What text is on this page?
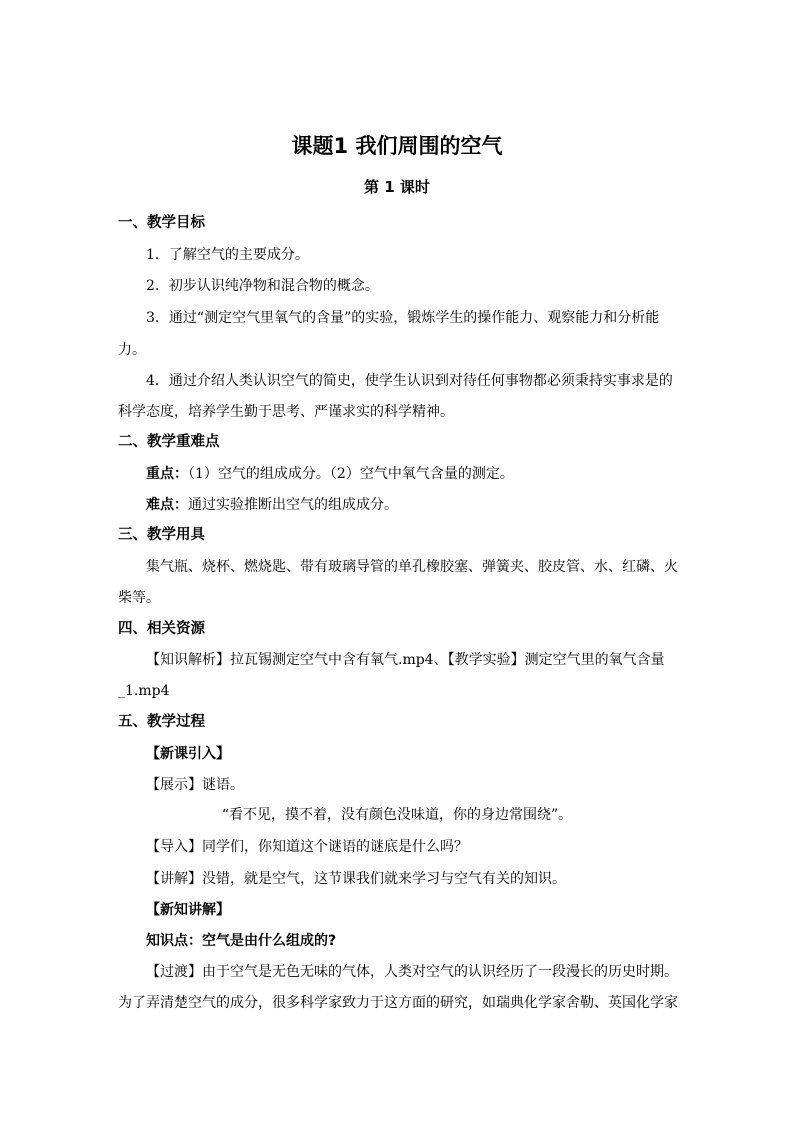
课题1 我们周围的空气
第 1 课时
一、教学目标
1．了解空气的主要成分。
2．初步认识纯净物和混合物的概念。
3．通过“测定空气里氧气的含量”的实验，锻炼学生的操作能力、观察能力和分析能
力。
4．通过介绍人类认识空气的简史，使学生认识到对待任何事物都必须秉持实事求是的
科学态度，培养学生勤于思考、严谨求实的科学精神。
二、教学重难点
重点：（1）空气的组成成分。（2）空气中氧气含量的测定。
难点：通过实验推断出空气的组成成分。
三、教学用具
集气瓶、烧杯、燃烧匙、带有玻璃导管的单孔橡胶塞、弹簧夹、胶皮管、水、红磷、火
柴等。
四、相关资源
【知识解析】拉瓦锡测定空气中含有氧气.mp4、【教学实验】测定空气里的氧气含量
_1.mp4
五、教学过程
【新课引入】
【展示】谜语。
“看不见，摸不着，没有颜色没味道，你的身边常围绕”。
【导入】同学们，你知道这个谜语的谜底是什么吗？
【讲解】没错，就是空气，这节课我们就来学习与空气有关的知识。
【新知讲解】
知识点：空气是由什么组成的?
【过渡】由于空气是无色无味的气体，人类对空气的认识经历了一段漫长的历史时期。
为了弄清楚空气的成分，很多科学家致力于这方面的研究，如瑞典化学家舍勒、英国化学家
